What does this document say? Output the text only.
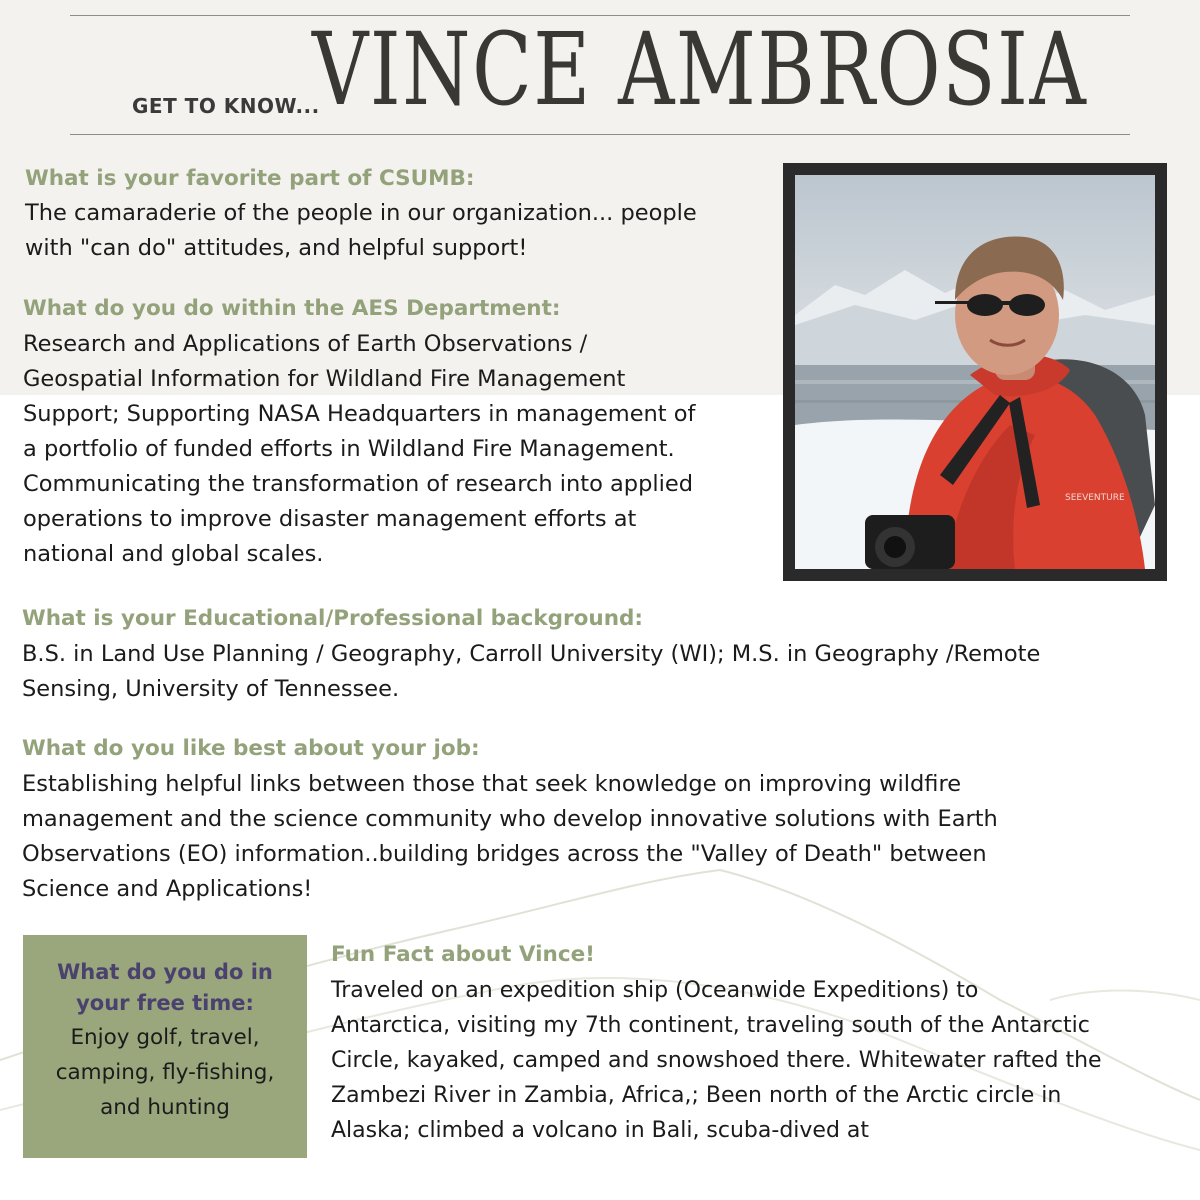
GET TO KNOW...
VINCE AMBROSIA
What is your favorite part of CSUMB:
The camaraderie of the people in our organization... people
with "can do" attitudes, and helpful support!
What do you do within the AES Department:
Research and Applications of Earth Observations /
Geospatial Information for Wildland Fire Management
Support; Supporting NASA Headquarters in management of
a portfolio of funded efforts in Wildland Fire Management.
Communicating the transformation of research into applied
operations to improve disaster management efforts at
national and global scales.
SEEVENTURE
What is your Educational/Professional background:
B.S. in Land Use Planning / Geography, Carroll University (WI); M.S. in Geography /Remote
Sensing, University of Tennessee.
What do you like best about your job:
Establishing helpful links between those that seek knowledge on improving wildfire
management and the science community who develop innovative solutions with Earth
Observations (EO) information..building bridges across the "Valley of Death" between
Science and Applications!
What do you do in
your free time:
Enjoy golf, travel,
camping, fly-fishing,
and hunting
Fun Fact about Vince!
Traveled on an expedition ship (Oceanwide Expeditions) to
Antarctica, visiting my 7th continent, traveling south of the Antarctic
Circle, kayaked, camped and snowshoed there. Whitewater rafted the
Zambezi River in Zambia, Africa,; Been north of the Arctic circle in
Alaska; climbed a volcano in Bali, scuba-dived at
